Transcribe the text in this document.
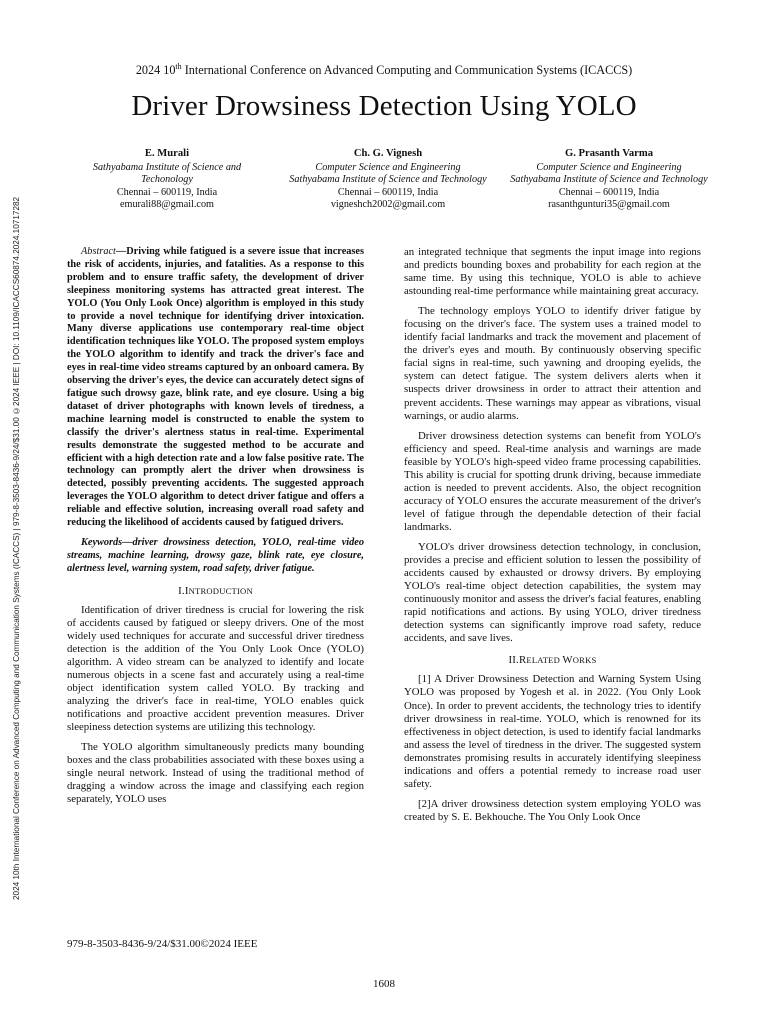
2024 10th International Conference on Advanced Computing and Communication Systems (ICACCS) | 979-8-3503-8436-9/24/$31.00 ©2024 IEEE | DOI: 10.1109/ICACCS60874.2024.10717282
2024 10th International Conference on Advanced Computing and Communication Systems (ICACCS)
Driver Drowsiness Detection Using YOLO
E. Murali
Sathyabama Institute of Science and
Techonology
Chennai – 600119, India
emurali88@gmail.com
Ch. G. Vignesh
Computer Science and Engineering
Sathyabama Institute of Science and Technology
Chennai – 600119, India
vigneshch2002@gmail.com
G. Prasanth Varma
Computer Science and Engineering
Sathyabama Institute of Science and Technology
Chennai – 600119, India
rasanthgunturi35@gmail.com

Abstract—Driving while fatigued is a severe issue that increases the risk of accidents, injuries, and fatalities. As a response to this problem and to ensure traffic safety, the development of driver sleepiness monitoring systems has attracted great interest. The YOLO (You Only Look Once) algorithm is employed in this study to provide a novel technique for identifying driver intoxication. Many diverse applications use contemporary real-time object identification techniques like YOLO. The proposed system employs the YOLO algorithm to identify and track the driver's face and eyes in real-time video streams captured by an onboard camera. By observing the driver's eyes, the device can accurately detect signs of fatigue such drowsy gaze, blink rate, and eye closure. Using a big dataset of driver photographs with known levels of tiredness, a machine learning model is constructed to enable the system to classify the driver's alertness status in real-time. Experimental results demonstrate the suggested method to be accurate and efficient with a high detection rate and a low false positive rate. The technology can promptly alert the driver when drowsiness is detected, possibly preventing accidents. The suggested approach leverages the YOLO algorithm to detect driver fatigue and offers a reliable and effective solution, increasing overall road safety and reducing the likelihood of accidents caused by fatigued drivers.

Keywords—driver drowsiness detection, YOLO, real-time video streams, machine learning, drowsy gaze, blink rate, eye closure, alertness level, warning system, road safety, driver fatigue.

I.INTRODUCTION

Identification of driver tiredness is crucial for lowering the risk of accidents caused by fatigued or sleepy drivers. One of the most widely used techniques for accurate and successful driver tiredness detection is the addition of the You Only Look Once (YOLO) algorithm. A video stream can be analyzed to identify and locate numerous objects in a scene fast and accurately using a real-time object identification system called YOLO. By tracking and analyzing the driver's face in real-time, YOLO enables quick notifications and proactive accident prevention measures. Driver sleepiness detection systems are utilizing this technology.

The YOLO algorithm simultaneously predicts many bounding boxes and the class probabilities associated with these boxes using a single neural network. Instead of using the traditional method of dragging a window across the image and classifying each region separately, YOLO uses

an integrated technique that segments the input image into regions and predicts bounding boxes and probability for each region at the same time. By using this technique, YOLO is able to achieve astounding real-time performance while maintaining great accuracy.

The technology employs YOLO to identify driver fatigue by focusing on the driver's face. The system uses a trained model to identify facial landmarks and track the movement and placement of the driver's eyes and mouth. By continuously observing specific facial signs in real-time, such yawning and drooping eyelids, the system can detect fatigue. The system delivers alerts when it suspects driver drowsiness in order to attract their attention and prevent accidents. These warnings may appear as vibrations, visual warnings, or audio alarms.

Driver drowsiness detection systems can benefit from YOLO's efficiency and speed. Real-time analysis and warnings are made feasible by YOLO's high-speed video frame processing capabilities. This ability is crucial for spotting drunk driving, because immediate action is needed to prevent accidents. Also, the object recognition accuracy of YOLO ensures the accurate measurement of the driver's level of fatigue through the dependable detection of their facial landmarks.

YOLO's driver drowsiness detection technology, in conclusion, provides a precise and efficient solution to lessen the possibility of accidents caused by exhausted or drowsy drivers. By employing YOLO's real-time object detection capabilities, the system may continuously monitor and assess the driver's facial features, enabling rapid notifications and actions. By using YOLO, driver tiredness detection systems can significantly improve road safety, reduce accidents, and save lives.

II.RELATED WORKS

[1] A Driver Drowsiness Detection and Warning System Using YOLO was proposed by Yogesh et al. in 2022. (You Only Look Once). In order to prevent accidents, the technology tries to identify driver drowsiness in real-time. YOLO, which is renowned for its effectiveness in object detection, is used to identify facial landmarks and assess the level of tiredness in the driver. The suggested system demonstrates promising results in accurately identifying sleepiness indications and offers a potential remedy to increase road user safety.

[2]A driver drowsiness detection system employing YOLO was created by S. E. Bekhouche. The You Only Look Once

979-8-3503-8436-9/24/$31.00©2024 IEEE
1608
